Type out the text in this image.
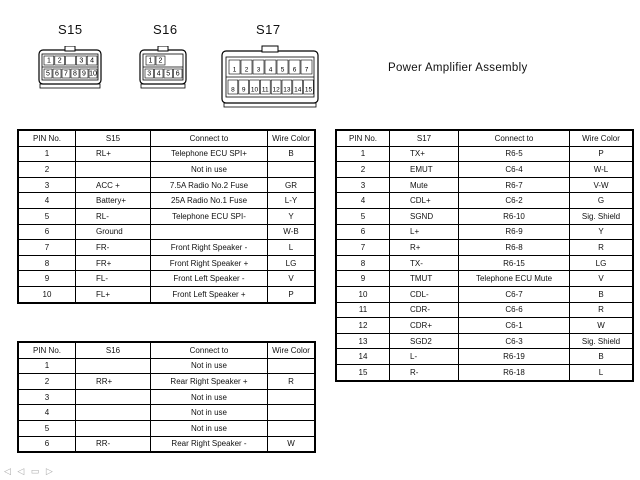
S15	S16	S17
1 2	3 4
5 6 7 8 9 10
1 2
3 4 5 6
1 2 3 4 5 6 7
8 9 10 11 12 13 14 15
Power Amplifier Assembly
PIN No.	S15	Connect to	Wire Color
1	RL+	Telephone ECU SPI+	B
2		Not in use	
3	ACC +	7.5A Radio No.2 Fuse	GR
4	Battery+	25A Radio No.1 Fuse	L-Y
5	RL-	Telephone ECU SPI-	Y
6	Ground		W-B
7	FR-	Front Right Speaker -	L
8	FR+	Front Right Speaker +	LG
9	FL-	Front Left Speaker -	V
10	FL+	Front Left Speaker +	P
PIN No.	S16	Connect to	Wire Color
1		Not in use	
2	RR+	Rear Right Speaker +	R
3		Not in use	
4		Not in use	
5		Not in use	
6	RR-	Rear Right Speaker -	W
PIN No.	S17	Connect to	Wire Color
1	TX+	R6-5	P
2	EMUT	C6-4	W-L
3	Mute	R6-7	V-W
4	CDL+	C6-2	G
5	SGND	R6-10	Sig. Shield
6	L+	R6-9	Y
7	R+	R6-8	R
8	TX-	R6-15	LG
9	TMUT	Telephone ECU Mute	V
10	CDL-	C6-7	B
11	CDR-	C6-6	R
12	CDR+	C6-1	W
13	SGD2	C6-3	Sig. Shield
14	L-	R6-19	B
15	R-	R6-18	L
◁ ◁ ▭ ▷
